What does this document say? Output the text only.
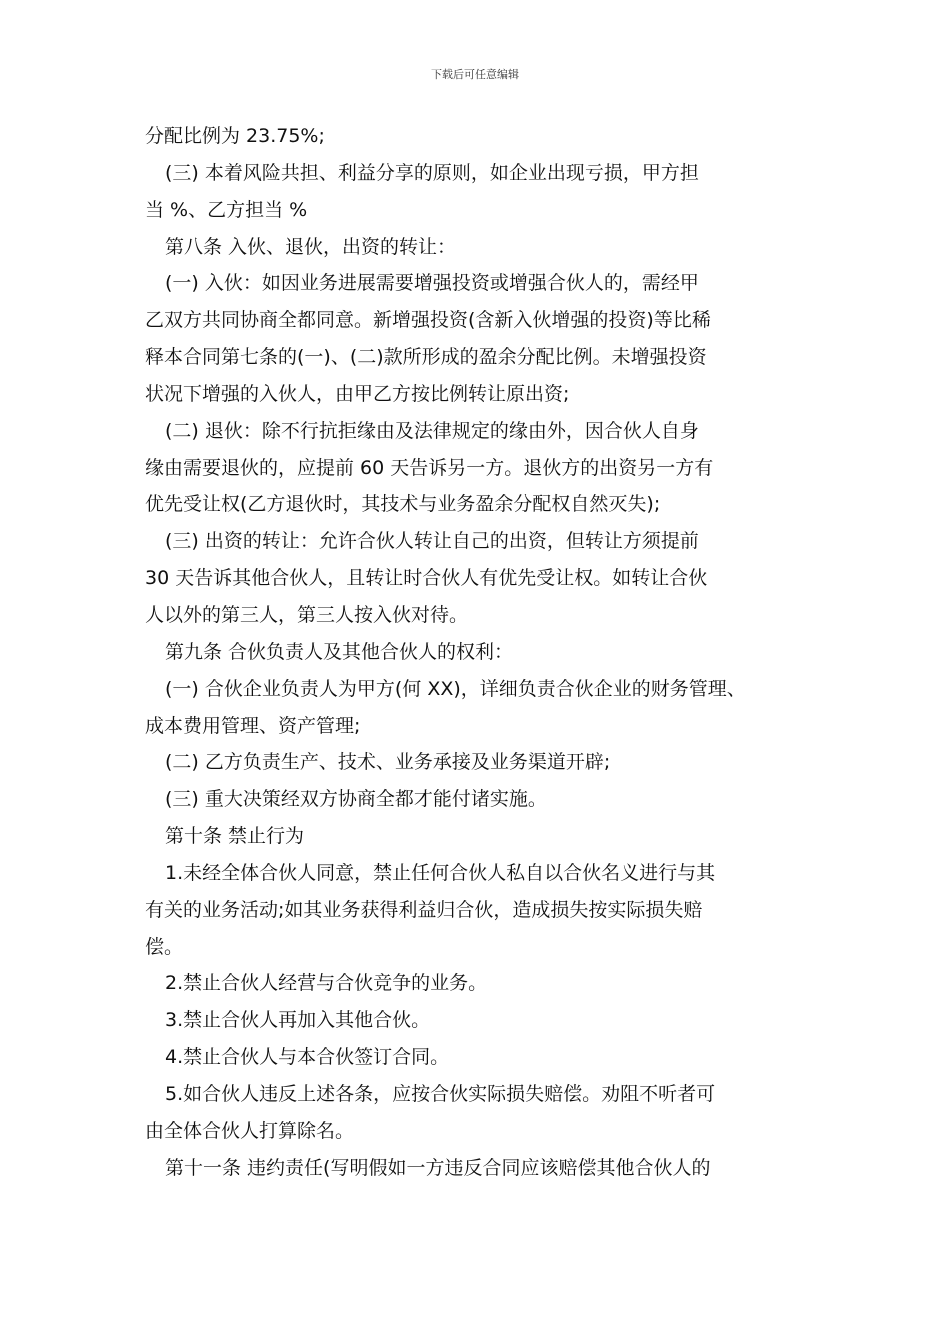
下载后可任意编辑
分配比例为 23.75%;
(三) 本着风险共担、利益分享的原则，如企业出现亏损，甲方担
当 %、乙方担当 %
第八条 入伙、退伙，出资的转让：
(一) 入伙：如因业务进展需要增强投资或增强合伙人的，需经甲
乙双方共同协商全都同意。新增强投资(含新入伙增强的投资)等比稀
释本合同第七条的(一)、(二)款所形成的盈余分配比例。未增强投资
状况下增强的入伙人，由甲乙方按比例转让原出资;
(二) 退伙：除不行抗拒缘由及法律规定的缘由外，因合伙人自身
缘由需要退伙的，应提前 60 天告诉另一方。退伙方的出资另一方有
优先受让权(乙方退伙时，其技术与业务盈余分配权自然灭失);
(三) 出资的转让：允许合伙人转让自己的出资，但转让方须提前
30 天告诉其他合伙人，且转让时合伙人有优先受让权。如转让合伙
人以外的第三人，第三人按入伙对待。
第九条 合伙负责人及其他合伙人的权利：
(一) 合伙企业负责人为甲方(何 XX)，详细负责合伙企业的财务管理、
成本费用管理、资产管理;
(二) 乙方负责生产、技术、业务承接及业务渠道开辟;
(三) 重大决策经双方协商全都才能付诸实施。
第十条 禁止行为
1.未经全体合伙人同意，禁止任何合伙人私自以合伙名义进行与其
有关的业务活动;如其业务获得利益归合伙，造成损失按实际损失赔
偿。
2.禁止合伙人经营与合伙竞争的业务。
3.禁止合伙人再加入其他合伙。
4.禁止合伙人与本合伙签订合同。
5.如合伙人违反上述各条，应按合伙实际损失赔偿。劝阻不听者可
由全体合伙人打算除名。
第十一条 违约责任(写明假如一方违反合同应该赔偿其他合伙人的
